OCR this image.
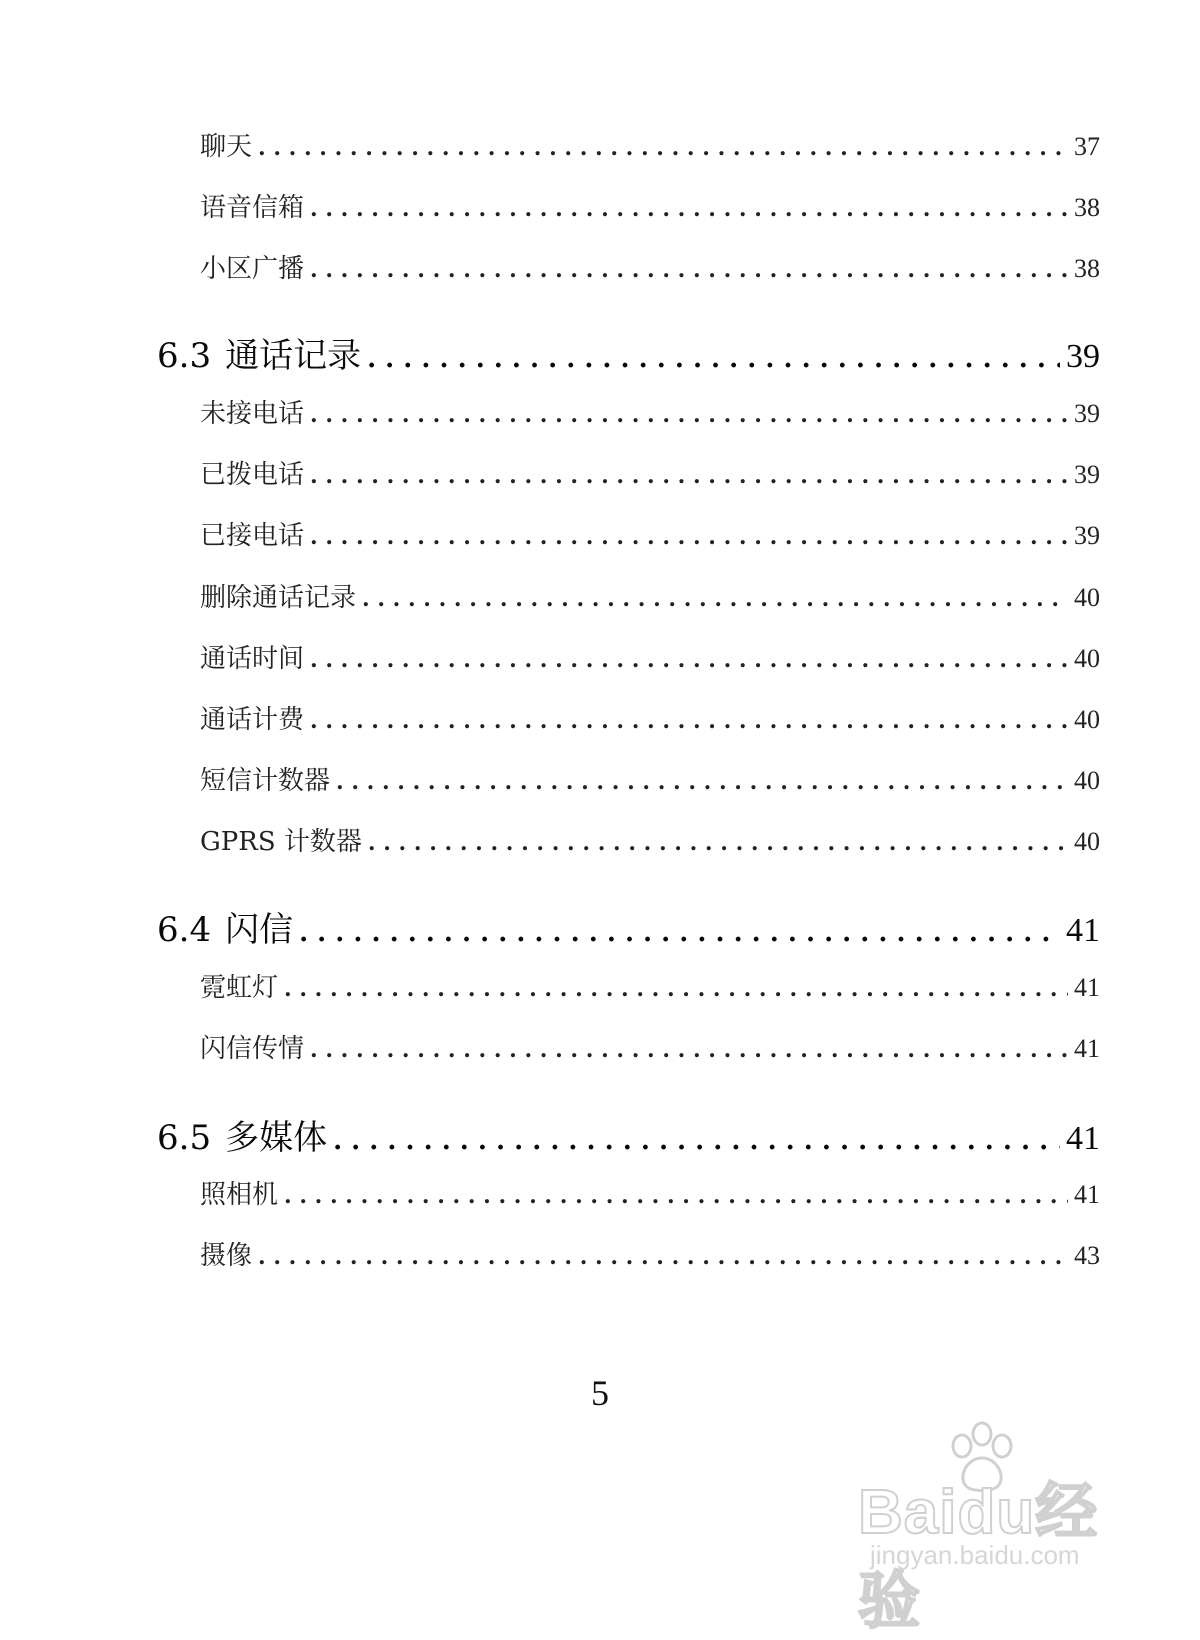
聊天 . . .	37
语音信箱 . . .	38
小区广播 . . .	38
6.3 通话记录 . . .	39
未接电话 . . .	39
已拨电话 . . .	39
已接电话 . . .	39
删除通话记录 . . .	40
通话时间 . . .	40
通话计费 . . .	40
短信计数器 . . .	40
GPRS 计数器 . . .	40
6.4 闪信 . . .	41
霓虹灯 . . .	41
闪信传情 . . .	41
6.5 多媒体 . . .	41
照相机 . . .	41
摄像 . . .	43
5
Baidu经验
jingyan.baidu.com
